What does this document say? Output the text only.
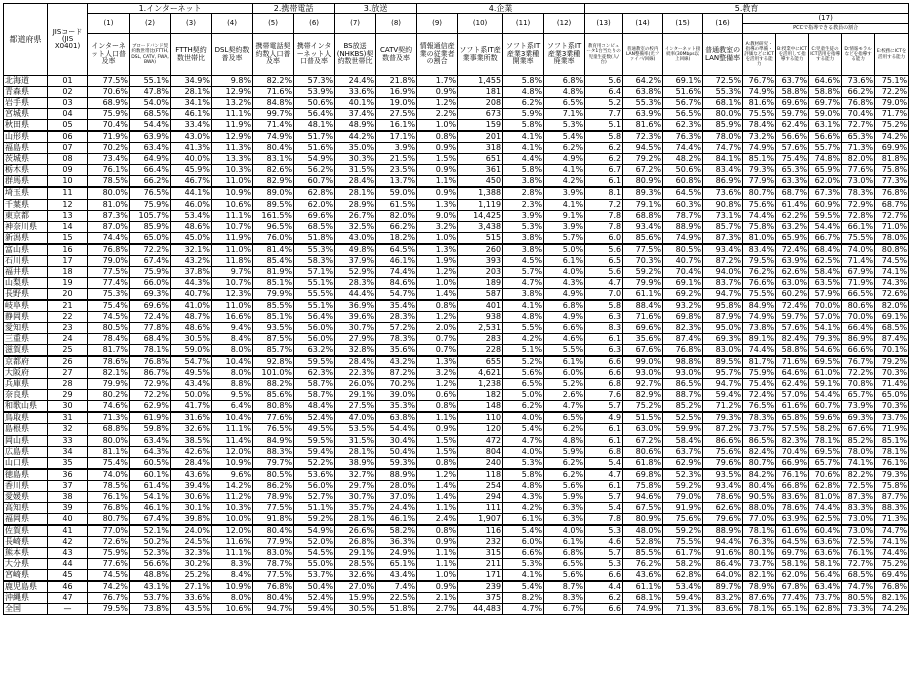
都道府県	JISコード (JIS X0401)	1.インターネット				2.携帯電話		3.放送		4.企業				5.教育								
		(1)	(2)	(3)	(4)	(5)	(6)	(7)	(8)	(9)	(10)	(11)	(12)	(13)	(14)	(15)	(16)	(17)				
																		PCCで指導できる教員の割合				
		インターネット人口普及率	ブロードバンド契約数世帯比(FTTH, DSL, CATV, FWA, BWA)	FTTH契約数世帯比	DSL契約数普及率	携帯電話契約数人口普及率	携帯インターネット人口普及率	BS放送(NHKBS)契約数世帯比	CATV契約数普及率	情報通信産業の従業者の割合	ソフト系IT産業事業所数	ソフト系IT産業3業種開業率	ソフト系IT産業3業種廃業率	教育用コンピュータ1台当たりの児童生徒数(人/台)	普通教室の校内LAN整備率(光ファイバ/回線)	インターネット接続率(30Mbps以上回線)	普通教室のLAN整備率	A:教材研究・指導の準備・評価などにICTを活用する能力	B:授業中にICTを活用して指導する能力	C:児童生徒のICT活用を指導する能力	D:情報モラルなどを指導する能力	E:校務にICTを活用する能力
北海道	01	77.5%	55.1%	34.9%	9.8%	82.2%	57.3%	24.4%	21.8%	1.7%	1,455	5.8%	6.8%	5.6	64.2%	69.1%	72.5%	76.7%	63.7%	64.6%	73.6%	75.1%
青森県	02	70.6%	47.8%	28.1%	12.9%	71.6%	53.9%	33.6%	16.9%	0.9%	181	4.8%	4.8%	6.4	63.8%	51.6%	55.3%	74.9%	58.8%	58.8%	66.2%	72.2%
岩手県	03	68.9%	54.0%	34.1%	13.2%	84.8%	50.6%	40.1%	19.0%	1.2%	208	6.2%	6.5%	5.2	55.3%	56.7%	68.1%	81.6%	69.6%	69.7%	76.8%	79.0%
宮城県	04	75.9%	68.5%	46.1%	11.1%	99.7%	56.4%	37.4%	27.5%	2.2%	673	5.9%	7.1%	7.7	63.9%	56.5%	80.0%	75.5%	59.7%	59.0%	70.4%	71.7%
秋田県	05	70.4%	54.4%	33.4%	11.9%	71.4%	48.1%	48.9%	16.1%	1.0%	159	5.8%	5.3%	5.1	81.6%	62.3%	85.9%	78.4%	62.4%	63.1%	72.7%	75.2%
山形県	06	71.9%	63.9%	43.0%	12.9%	74.9%	51.7%	44.2%	17.1%	0.8%	201	4.1%	5.4%	5.8	72.3%	76.3%	78.0%	73.2%	56.6%	56.6%	65.3%	74.2%
福島県	07	70.2%	63.4%	41.3%	11.3%	80.4%	51.6%	35.0%	3.9%	0.9%	318	4.1%	6.2%	6.2	94.5%	74.4%	74.7%	74.9%	57.6%	55.7%	71.3%	69.9%
茨城県	08	73.4%	64.9%	40.0%	13.3%	83.1%	54.9%	30.3%	21.5%	1.5%	651	4.4%	4.9%	6.2	79.2%	48.2%	84.1%	85.1%	75.4%	74.8%	82.0%	81.8%
栃木県	09	76.1%	66.4%	45.9%	10.3%	82.6%	56.2%	31.5%	23.5%	0.9%	361	5.8%	4.1%	6.7	67.2%	50.6%	83.4%	79.3%	65.3%	65.9%	77.6%	75.8%
群馬県	10	78.5%	66.2%	46.7%	11.0%	82.9%	60.7%	28.4%	13.7%	1.1%	450	3.8%	4.2%	6.1	80.9%	60.8%	86.9%	77.9%	63.3%	62.0%	73.0%	77.3%
埼玉県	11	80.0%	76.5%	44.1%	10.9%	89.0%	62.8%	28.1%	59.0%	0.9%	1,388	2.8%	3.9%	8.1	89.3%	64.5%	73.6%	80.7%	68.7%	67.3%	78.3%	76.8%
千葉県	12	81.0%	75.9%	46.0%	10.6%	89.5%	62.0%	28.9%	61.5%	1.3%	1,119	2.3%	4.1%	7.2	79.1%	60.3%	90.8%	75.6%	61.4%	60.9%	72.9%	68.7%
東京都	13	87.3%	105.7%	53.4%	11.1%	161.5%	69.6%	26.7%	82.0%	9.0%	14,425	3.9%	9.1%	7.8	68.8%	78.7%	73.1%	74.4%	62.2%	59.5%	72.8%	72.7%
神奈川県	14	87.0%	85.9%	48.6%	10.7%	96.5%	68.5%	32.5%	66.2%	3.2%	3,438	5.3%	3.9%	7.8	93.4%	88.9%	85.7%	75.8%	63.2%	54.4%	66.1%	71.0%
新潟県	15	74.4%	65.0%	45.0%	11.9%	76.0%	51.8%	43.0%	18.2%	1.0%	515	3.8%	5.7%	6.0	85.6%	74.9%	87.3%	81.0%	65.9%	66.7%	75.5%	78.0%
富山県	16	76.8%	72.2%	32.1%	11.0%	81.4%	55.3%	49.8%	64.5%	1.3%	260	3.8%	5.0%	5.6	77.5%	80.5%	93.4%	83.4%	72.4%	68.4%	74.0%	80.8%
石川県	17	79.0%	67.4%	43.2%	11.8%	85.4%	58.3%	37.9%	46.1%	1.9%	393	4.5%	6.1%	6.5	70.3%	40.7%	87.2%	79.5%	63.9%	62.5%	71.4%	74.5%
福井県	18	77.5%	75.9%	37.8%	9.7%	81.9%	57.1%	52.9%	74.4%	1.2%	203	5.7%	4.0%	5.6	59.2%	70.4%	94.0%	76.2%	62.6%	58.4%	67.9%	74.1%
山梨県	19	77.4%	66.0%	44.3%	10.7%	85.1%	55.1%	28.3%	84.6%	1.0%	189	4.7%	4.3%	4.7	79.9%	69.1%	83.7%	76.6%	63.0%	63.5%	71.9%	74.3%
長野県	20	75.3%	69.3%	40.7%	12.3%	79.9%	55.5%	44.4%	54.7%	1.4%	587	3.8%	4.9%	7.0	61.1%	69.2%	94.7%	75.5%	60.2%	57.9%	66.5%	72.6%
岐阜県	21	75.4%	69.6%	41.0%	11.0%	85.5%	55.1%	36.9%	35.4%	0.8%	401	4.1%	6.8%	5.8	88.4%	93.2%	95.8%	84.9%	72.4%	70.0%	80.6%	82.0%
静岡県	22	74.5%	72.4%	48.7%	16.6%	85.1%	56.4%	39.6%	28.3%	1.2%	938	4.8%	4.9%	6.3	71.6%	69.8%	87.9%	74.9%	59.7%	57.0%	70.0%	69.1%
愛知県	23	80.5%	77.8%	48.6%	9.4%	93.5%	56.0%	30.7%	57.2%	2.0%	2,531	5.5%	6.6%	8.3	69.6%	82.3%	95.0%	73.8%	57.6%	54.1%	66.4%	68.5%
三重県	24	78.4%	68.4%	30.5%	8.4%	87.5%	56.0%	27.9%	78.3%	0.7%	283	4.2%	4.6%	6.1	35.6%	87.4%	69.3%	89.1%	82.4%	79.3%	86.9%	87.4%
滋賀県	25	81.7%	78.1%	59.0%	8.0%	85.7%	63.2%	32.8%	35.6%	0.7%	228	5.1%	5.5%	6.3	67.6%	76.8%	83.0%	74.4%	58.8%	54.6%	66.6%	70.1%
京都府	26	78.6%	76.8%	54.7%	10.4%	92.8%	59.5%	28.4%	43.2%	1.3%	655	5.2%	6.1%	6.6	99.0%	98.8%	89.5%	81.7%	71.6%	69.5%	76.7%	79.2%
大阪府	27	82.1%	86.7%	49.5%	8.0%	101.0%	62.3%	22.3%	87.2%	3.2%	4,621	5.6%	6.0%	6.6	93.0%	93.0%	95.7%	75.9%	64.6%	61.0%	72.2%	70.3%
兵庫県	28	79.9%	72.9%	43.4%	8.8%	88.2%	58.7%	26.0%	70.2%	1.2%	1,238	6.5%	5.2%	6.8	92.7%	86.5%	94.7%	75.4%	62.4%	59.1%	70.8%	71.4%
奈良県	29	80.2%	72.2%	50.0%	9.5%	85.6%	58.7%	29.1%	39.0%	0.6%	182	5.0%	2.6%	7.6	82.9%	88.7%	59.4%	72.4%	57.0%	54.4%	65.7%	65.0%
和歌山県	30	74.6%	62.9%	41.7%	6.4%	80.8%	48.4%	27.5%	35.3%	0.8%	148	6.2%	4.7%	5.7	75.2%	85.2%	71.2%	76.5%	61.6%	60.7%	73.9%	70.3%
鳥取県	31	71.3%	61.9%	31.6%	10.4%	77.6%	52.4%	47.0%	63.8%	1.1%	110	4.0%	6.5%	4.9	51.5%	52.5%	79.3%	78.3%	65.8%	59.6%	69.3%	73.7%
島根県	32	68.8%	59.8%	32.6%	11.1%	76.5%	49.5%	53.5%	54.4%	0.9%	120	5.4%	6.2%	6.1	63.0%	59.9%	87.2%	73.7%	57.5%	58.2%	67.6%	71.9%
岡山県	33	80.0%	63.4%	38.5%	11.4%	84.9%	59.5%	31.5%	30.4%	1.5%	472	4.7%	4.8%	6.1	67.2%	58.4%	86.6%	86.5%	82.3%	78.1%	85.2%	85.1%
広島県	34	81.1%	64.3%	42.6%	12.0%	88.3%	59.4%	28.1%	50.4%	1.5%	804	4.0%	5.9%	6.8	80.6%	63.7%	75.6%	82.4%	70.4%	69.5%	78.0%	78.1%
山口県	35	75.4%	60.5%	28.4%	10.9%	79.7%	52.2%	38.9%	59.3%	0.8%	240	5.3%	6.2%	5.4	61.8%	62.9%	79.6%	80.7%	66.9%	65.7%	74.1%	76.1%
徳島県	36	74.0%	60.1%	43.6%	9.6%	80.5%	53.6%	32.7%	88.9%	1.2%	118	5.8%	6.2%	4.7	69.8%	52.3%	93.5%	84.2%	76.1%	70.6%	82.2%	79.3%
香川県	37	78.5%	61.4%	39.4%	14.2%	86.2%	56.0%	29.7%	28.0%	1.4%	254	4.8%	5.6%	6.1	75.8%	59.2%	93.4%	80.4%	66.8%	62.8%	72.5%	75.8%
愛媛県	38	76.1%	54.1%	30.6%	11.2%	78.9%	52.7%	30.7%	37.0%	1.4%	294	4.3%	5.9%	5.7	94.6%	79.0%	78.6%	90.5%	83.6%	81.0%	87.3%	87.7%
高知県	39	76.8%	46.1%	30.1%	10.3%	77.5%	51.1%	35.7%	24.4%	1.1%	111	4.2%	6.3%	5.4	67.5%	91.9%	62.6%	88.0%	78.6%	74.4%	83.3%	88.3%
福岡県	40	80.7%	67.4%	39.8%	10.0%	91.8%	59.2%	28.1%	46.1%	2.4%	1,907	6.1%	6.3%	7.8	80.9%	75.6%	79.6%	77.0%	63.9%	62.5%	73.0%	71.3%
佐賀県	41	77.0%	52.1%	24.0%	12.0%	80.4%	54.9%	26.6%	58.2%	0.8%	116	5.4%	4.0%	5.3	48.0%	59.2%	88.9%	78.1%	61.6%	60.4%	73.0%	74.7%
長崎県	42	72.6%	50.2%	24.5%	11.6%	77.9%	52.0%	26.8%	36.3%	0.9%	232	6.0%	6.1%	4.6	52.8%	75.5%	94.4%	76.3%	64.5%	63.6%	72.5%	74.1%
熊本県	43	75.9%	52.3%	32.3%	11.1%	83.0%	54.5%	29.1%	24.9%	1.1%	315	6.6%	6.8%	5.7	85.5%	61.7%	91.6%	80.1%	69.7%	63.6%	76.1%	74.4%
大分県	44	77.6%	56.6%	30.2%	8.3%	78.7%	55.0%	28.5%	65.1%	1.1%	211	5.3%	6.5%	5.3	76.2%	58.2%	86.4%	73.7%	58.1%	58.1%	72.7%	75.2%
宮崎県	45	74.5%	48.8%	25.2%	8.4%	77.5%	53.7%	32.6%	43.4%	1.0%	171	4.1%	5.6%	6.6	43.6%	62.8%	64.0%	82.1%	62.0%	56.4%	68.5%	69.4%
鹿児島県	46	74.2%	43.1%	27.1%	10.9%	76.8%	50.4%	27.0%	7.4%	0.9%	239	5.4%	8.7%	4.4	61.1%	53.4%	89.7%	78.9%	67.8%	63.4%	74.7%	76.8%
沖縄県	47	76.7%	53.7%	33.6%	8.0%	80.4%	52.4%	15.9%	22.5%	2.1%	375	8.2%	8.3%	6.2	68.1%	59.4%	83.2%	87.6%	77.4%	73.7%	80.5%	82.1%
全国	—	79.5%	73.8%	43.5%	10.6%	94.7%	59.4%	30.5%	51.8%	2.7%	44,483	4.7%	6.7%	6.6	74.9%	71.3%	83.6%	78.1%	65.1%	62.8%	73.3%	74.2%
